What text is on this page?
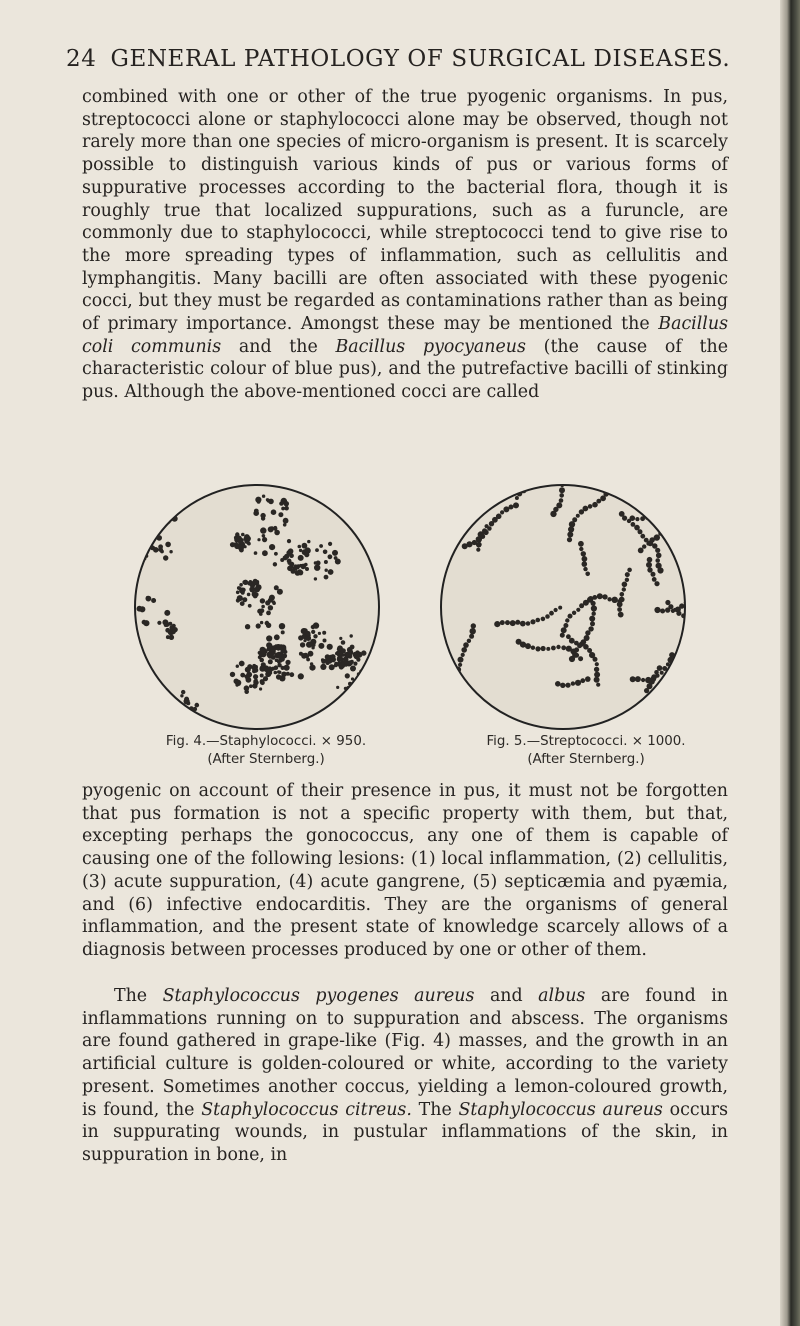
24 GENERAL PATHOLOGY OF SURGICAL DISEASES.

combined with one or other of the true pyogenic organisms. In pus, streptococci alone or staphylococci alone may be observed, though not rarely more than one species of micro-organism is present. It is scarcely possible to distinguish various kinds of pus or various forms of suppurative processes according to the bacterial flora, though it is roughly true that localized suppurations, such as a furuncle, are commonly due to staphylococci, while streptococci tend to give rise to the more spreading types of inflammation, such as cellulitis and lymphangitis. Many bacilli are often associated with these pyogenic cocci, but they must be regarded as contaminations rather than as being of primary importance. Amongst these may be mentioned the Bacillus coli communis and the Bacillus pyocyaneus (the cause of the characteristic colour of blue pus), and the putrefactive bacilli of stinking pus. Although the above-mentioned cocci are called

Fig. 4.—Staphylococci. × 950.
(After Sternberg.)
Fig. 5.—Streptococci. × 1000.
(After Sternberg.)

pyogenic on account of their presence in pus, it must not be forgotten that pus formation is not a specific property with them, but that, excepting perhaps the gonococcus, any one of them is capable of causing one of the following lesions: (1) local inflammation, (2) cellulitis, (3) acute suppuration, (4) acute gangrene, (5) septicæmia and pyæmia, and (6) infective endocarditis. They are the organisms of general inflammation, and the present state of knowledge scarcely allows of a diagnosis between processes produced by one or other of them.

The Staphylococcus pyogenes aureus and albus are found in inflammations running on to suppuration and abscess. The organisms are found gathered in grape-like (Fig. 4) masses, and the growth in an artificial culture is golden-coloured or white, according to the variety present. Sometimes another coccus, yielding a lemon-coloured growth, is found, the Staphylococcus citreus. The Staphylococcus aureus occurs in suppurating wounds, in pustular inflammations of the skin, in suppuration in bone, in
